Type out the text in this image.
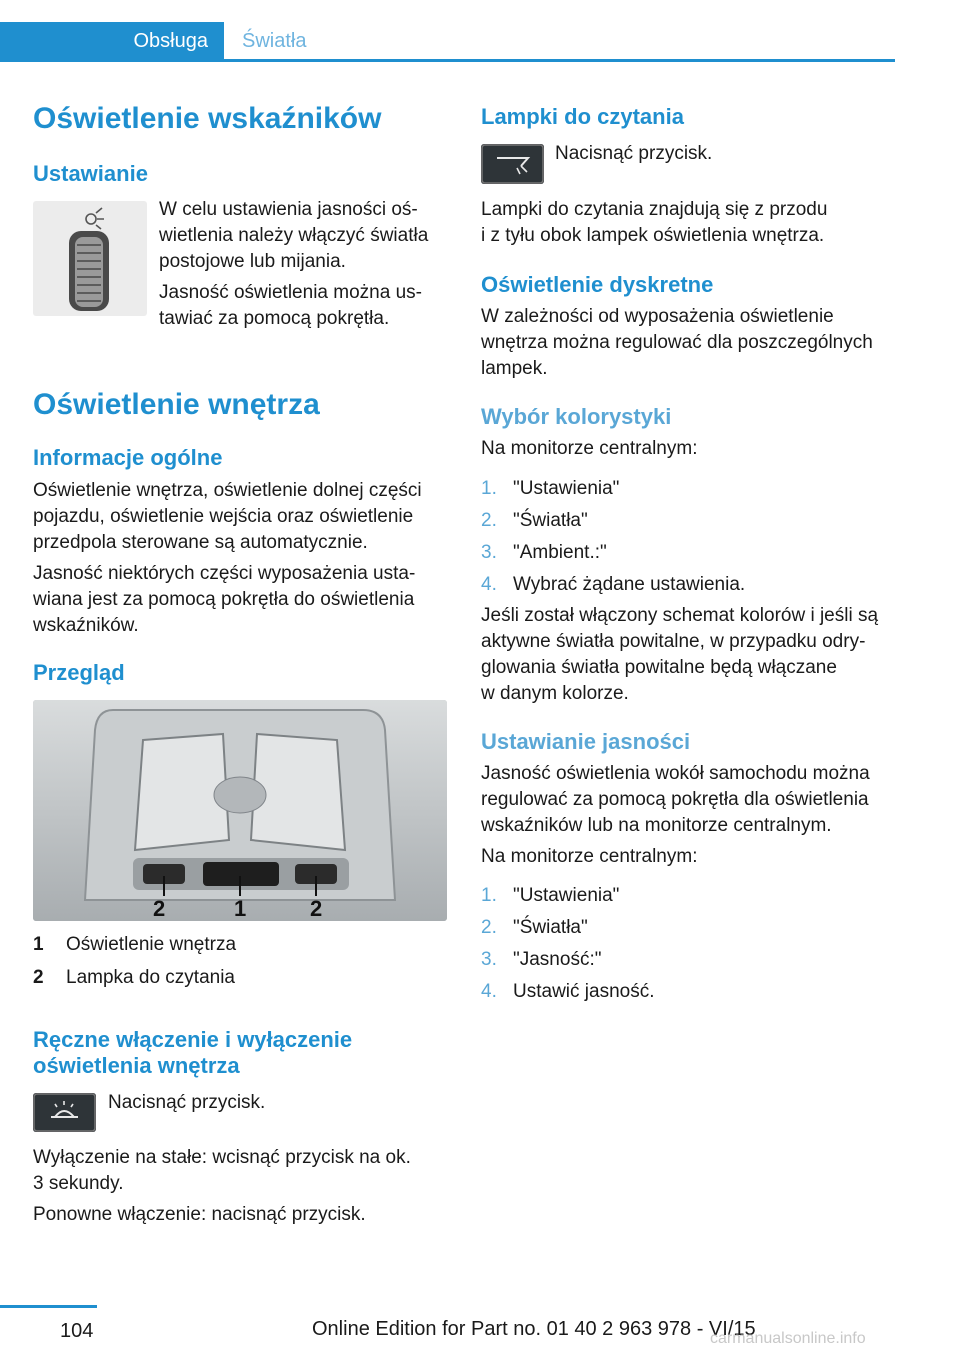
Obsługa Światła
Oświetlenie wskaźników
Ustawianie

W celu ustawienia jasności oś-
wietlenia należy włączyć światła
postojowe lub mijania.

Jasność oświetlenia można us-
tawiać za pomocą pokrętła.

Oświetlenie wnętrza
Informacje ogólne

Oświetlenie wnętrza, oświetlenie dolnej części
pojazdu, oświetlenie wejścia oraz oświetlenie
przedpola sterowane są automatycznie.

Jasność niektórych części wyposażenia usta-
wiana jest za pomocą pokrętła do oświetlenia
wskaźników.

Przegląd
2	1	2
1 Oświetlenie wnętrza
2 Lampka do czytania
Ręczne włączenie i wyłączenie
oświetlenia wnętrza

Nacisnąć przycisk.

Wyłączenie na stałe: wcisnąć przycisk na ok.
3 sekundy.

Ponowne włączenie: nacisnąć przycisk.

Lampki do czytania

Nacisnąć przycisk.

Lampki do czytania znajdują się z przodu
i z tyłu obok lampek oświetlenia wnętrza.

Oświetlenie dyskretne

W zależności od wyposażenia oświetlenie
wnętrza można regulować dla poszczególnych
lampek.

Wybór kolorystyki

Na monitorze centralnym:

1. "Ustawienia"
2. "Światła"
3. "Ambient.:"
4. Wybrać żądane ustawienia.

Jeśli został włączony schemat kolorów i jeśli są
aktywne światła powitalne, w przypadku odry-
glowania światła powitalne będą włączane
w danym kolorze.

Ustawianie jasności

Jasność oświetlenia wokół samochodu można
regulować za pomocą pokrętła dla oświetlenia
wskaźników lub na monitorze centralnym.

Na monitorze centralnym:

1. "Ustawienia"
2. "Światła"
3. "Jasność:"
4. Ustawić jasność.
104	Online Edition for Part no. 01 40 2 963 978 - VI/15
carmanualsonline.info
